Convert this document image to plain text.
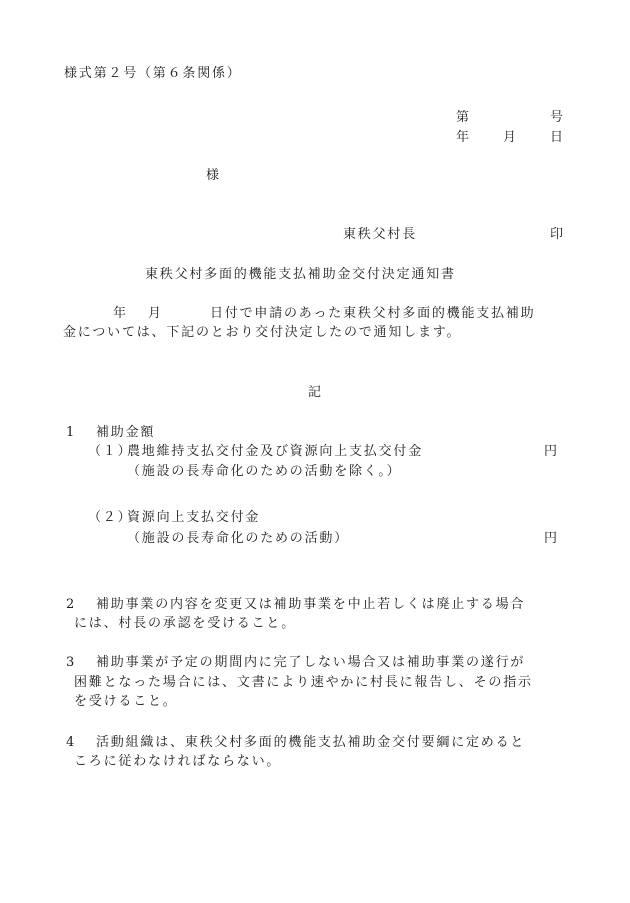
様式第２号（第６条関係）
第	号
年 月 日
様
東秩父村長	印
東秩父村多面的機能支払補助金交付決定通知書
年 月	日付で申請のあった東秩父村多面的機能支払補助
金については、下記のとおり交付決定したので通知します。
記
1 補助金額
（１）
農地維持支払交付金及び資源向上支払交付金	円
（施設の長寿命化のための活動を除く。）
（２）
資源向上支払交付金
（施設の長寿命化のための活動）	円
2 補助事業の内容を変更又は補助事業を中止若しくは廃止する場合
には、村長の承認を受けること。
3 補助事業が予定の期間内に完了しない場合又は補助事業の遂行が
困難となった場合には、文書により速やかに村長に報告し、その指示
を受けること。
4 活動組織は、東秩父村多面的機能支払補助金交付要綱に定めると
ころに従わなければならない。
